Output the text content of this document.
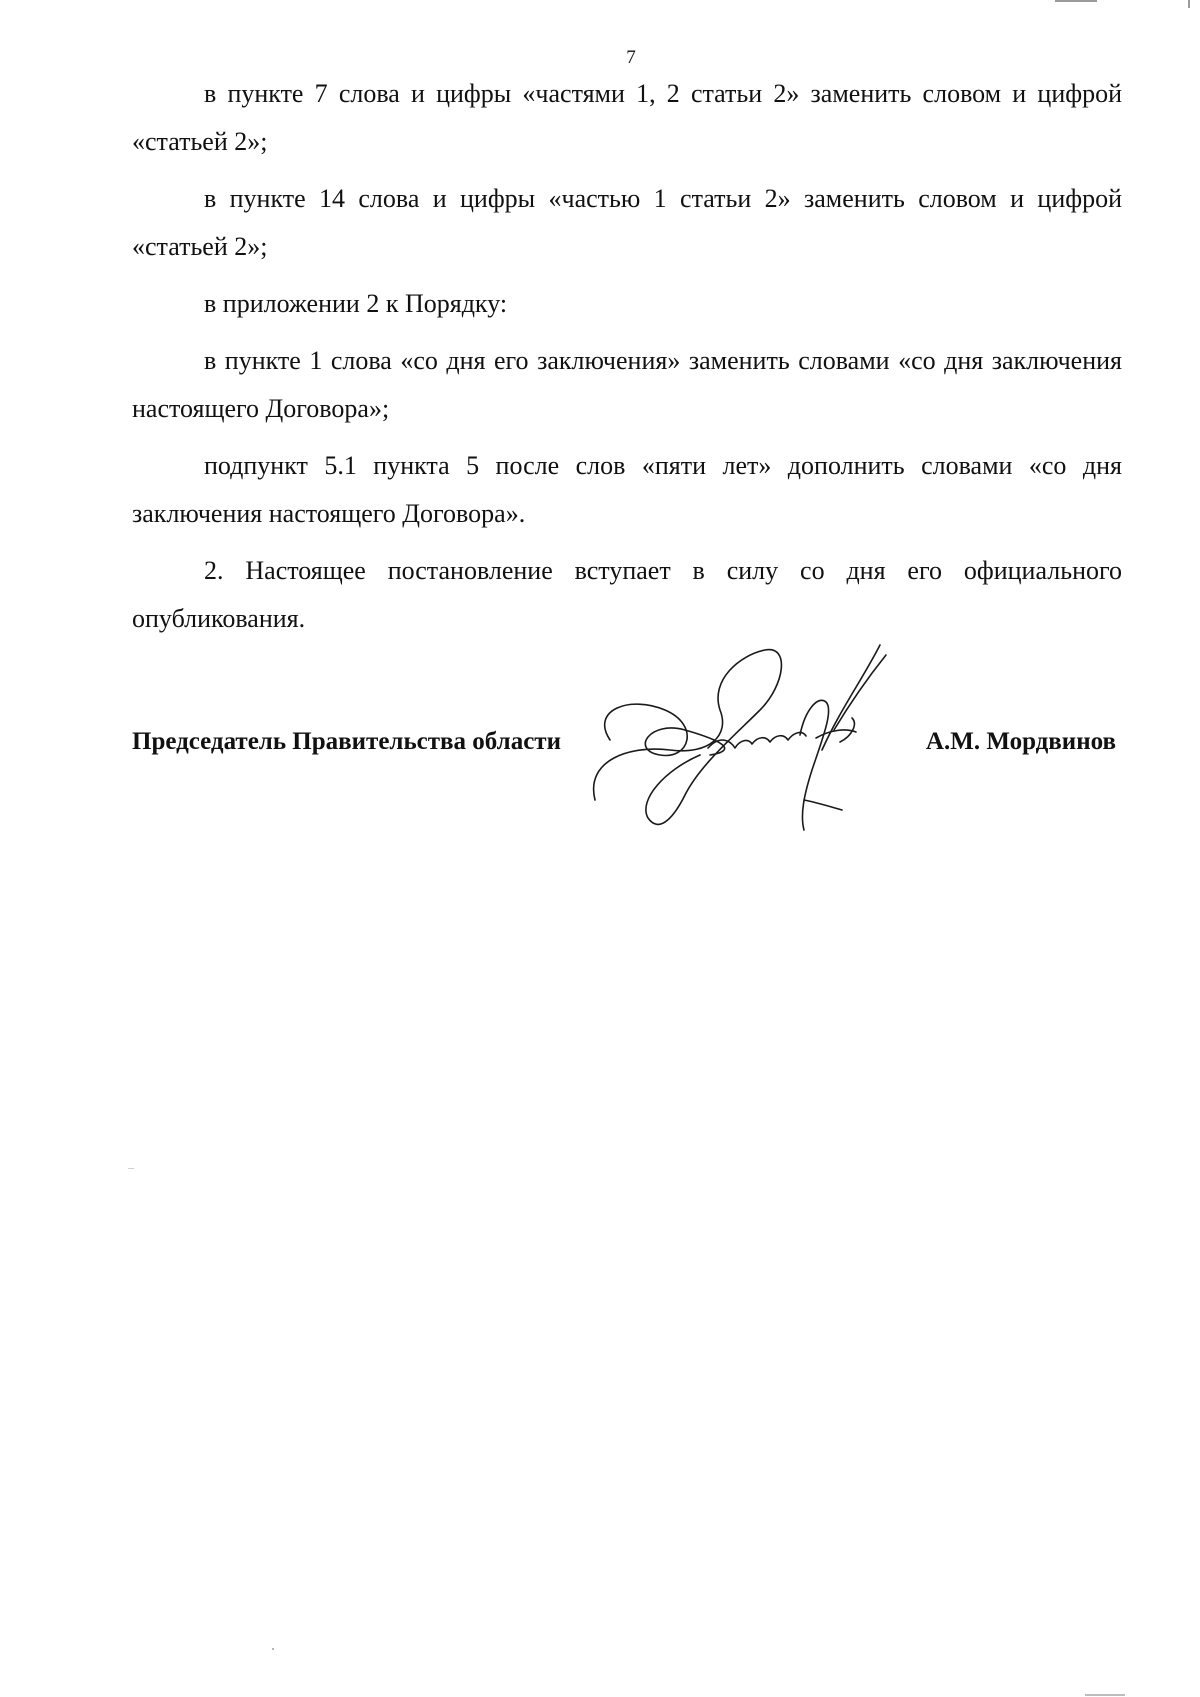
7

в пункте 7 слова и цифры «частями 1, 2 статьи 2» заменить словом и цифрой «статьей 2»;

в пункте 14 слова и цифры «частью 1 статьи 2» заменить словом и цифрой «статьей 2»;

в приложении 2 к Порядку:

в пункте 1 слова «со дня его заключения» заменить словами «со дня заключения настоящего Договора»;

подпункт 5.1 пункта 5 после слов «пяти лет» дополнить словами «со дня заключения настоящего Договора».

2. Настоящее постановление вступает в силу со дня его официального опубликования.

Председатель Правительства области	А.М. Мордвинов
